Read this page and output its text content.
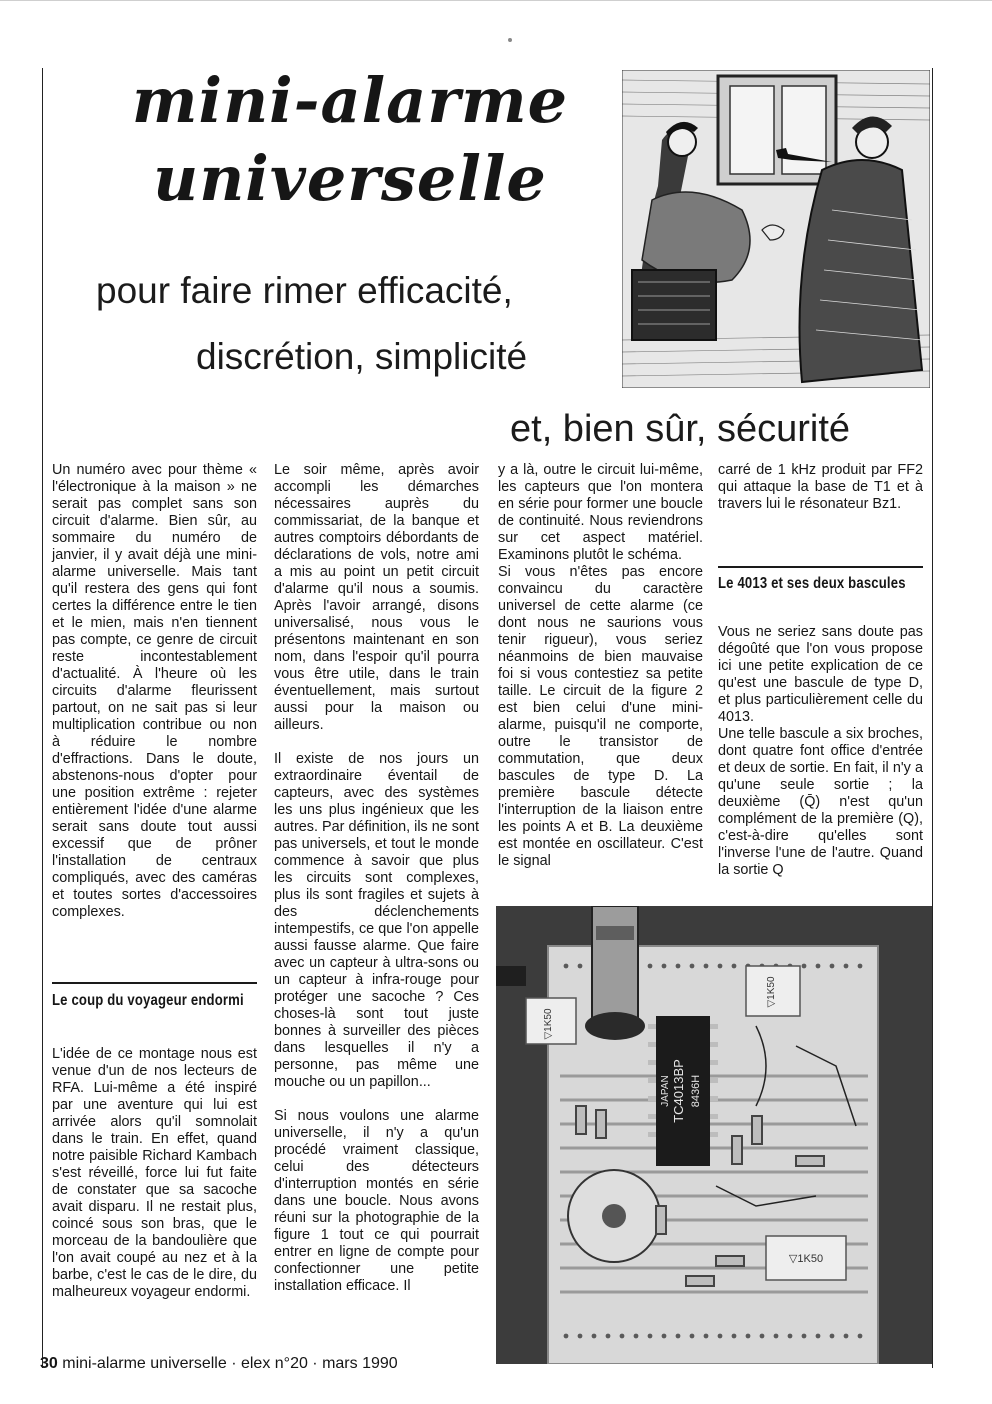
mini-alarme
universelle
pour faire rimer efficacité,
discrétion, simplicité
et, bien sûr, sécurité

Un numéro avec pour thème « l'électronique à la maison » ne serait pas complet sans son circuit d'alarme. Bien sûr, au sommaire du numéro de janvier, il y avait déjà une mini-alarme universelle. Mais tant qu'il restera des gens qui font certes la différence entre le tien et le mien, mais n'en tiennent pas compte, ce genre de circuit reste incontestablement d'actualité. À l'heure où les circuits d'alarme fleurissent partout, on ne sait pas si leur multiplication contribue ou non à réduire le nombre d'effractions. Dans le doute, abstenons-nous d'opter pour une position extrême : rejeter entièrement l'idée d'une alarme serait sans doute tout aussi excessif que de prôner l'installation de centraux compliqués, avec des caméras et toutes sortes d'accessoires complexes.

Le coup du voyageur endormi

L'idée de ce montage nous est venue d'un de nos lecteurs de RFA. Lui-même a été inspiré par une aventure qui lui est arrivée alors qu'il somnolait dans le train. En effet, quand notre paisible Richard Kambach s'est réveillé, force lui fut faite de constater que sa sacoche avait disparu. Il ne restait plus, coincé sous son bras, que le morceau de la bandoulière que l'on avait coupé au nez et à la barbe, c'est le cas de le dire, du malheureux voyageur endormi.

Le soir même, après avoir accompli les démarches nécessaires auprès du commissariat, de la banque et autres comptoirs débordants de déclarations de vols, notre ami a mis au point un petit circuit d'alarme qu'il nous a soumis. Après l'avoir arrangé, disons universalisé, nous vous le présentons maintenant en son nom, dans l'espoir qu'il pourra vous être utile, dans le train éventuellement, mais surtout aussi pour la maison ou ailleurs.

Il existe de nos jours un extraordinaire éventail de capteurs, avec des systèmes les uns plus ingénieux que les autres. Par définition, ils ne sont pas universels, et tout le monde commence à savoir que plus les circuits sont complexes, plus ils sont fragiles et sujets à des déclenchements intempestifs, ce que l'on appelle aussi fausse alarme. Que faire avec un capteur à ultra-sons ou un capteur à infra-rouge pour protéger une sacoche ? Ces choses-là sont tout juste bonnes à surveiller des pièces dans lesquelles il n'y a personne, pas même une mouche ou un papillon...

Si nous voulons une alarme universelle, il n'y a qu'un procédé vraiment classique, celui des détecteurs d'interruption montés en série dans une boucle. Nous avons réuni sur la photographie de la figure 1 tout ce qui pourrait entrer en ligne de compte pour confectionner une petite installation efficace. Il

y a là, outre le circuit lui-même, les capteurs que l'on montera en série pour former une boucle de continuité. Nous reviendrons sur cet aspect matériel. Examinons plutôt le schéma.

Si vous n'êtes pas encore convaincu du caractère universel de cette alarme (ce dont nous ne saurions vous tenir rigueur), vous seriez néanmoins de bien mauvaise foi si vous contestiez sa petite taille. Le circuit de la figure 2 est bien celui d'une mini-alarme, puisqu'il ne comporte, outre le transistor de commutation, que deux bascules de type D. La première bascule détecte l'interruption de la liaison entre les points A et B. La deuxième est montée en oscillateur. C'est le signal

carré de 1 kHz produit par FF2 qui attaque la base de T1 et à travers lui le résonateur Bz1.

Le 4013 et ses deux bascules

Vous ne seriez sans doute pas dégoûté que l'on vous propose ici une petite explication de ce qu'est une bascule de type D, et plus particulièrement celle du 4013.

Une telle bascule a six broches, dont quatre font office d'entrée et deux de sortie. En fait, il n'y a qu'une seule sortie ; la deuxième (Q̄) n'est qu'un complément de la première (Q), c'est-à-dire qu'elles sont l'inverse l'une de l'autre. Quand la sortie Q

▽1K50
▽1K50
TC4013BP 8436H
JAPAN
▽1K50
30 mini-alarme universelle · elex n°20 · mars 1990
